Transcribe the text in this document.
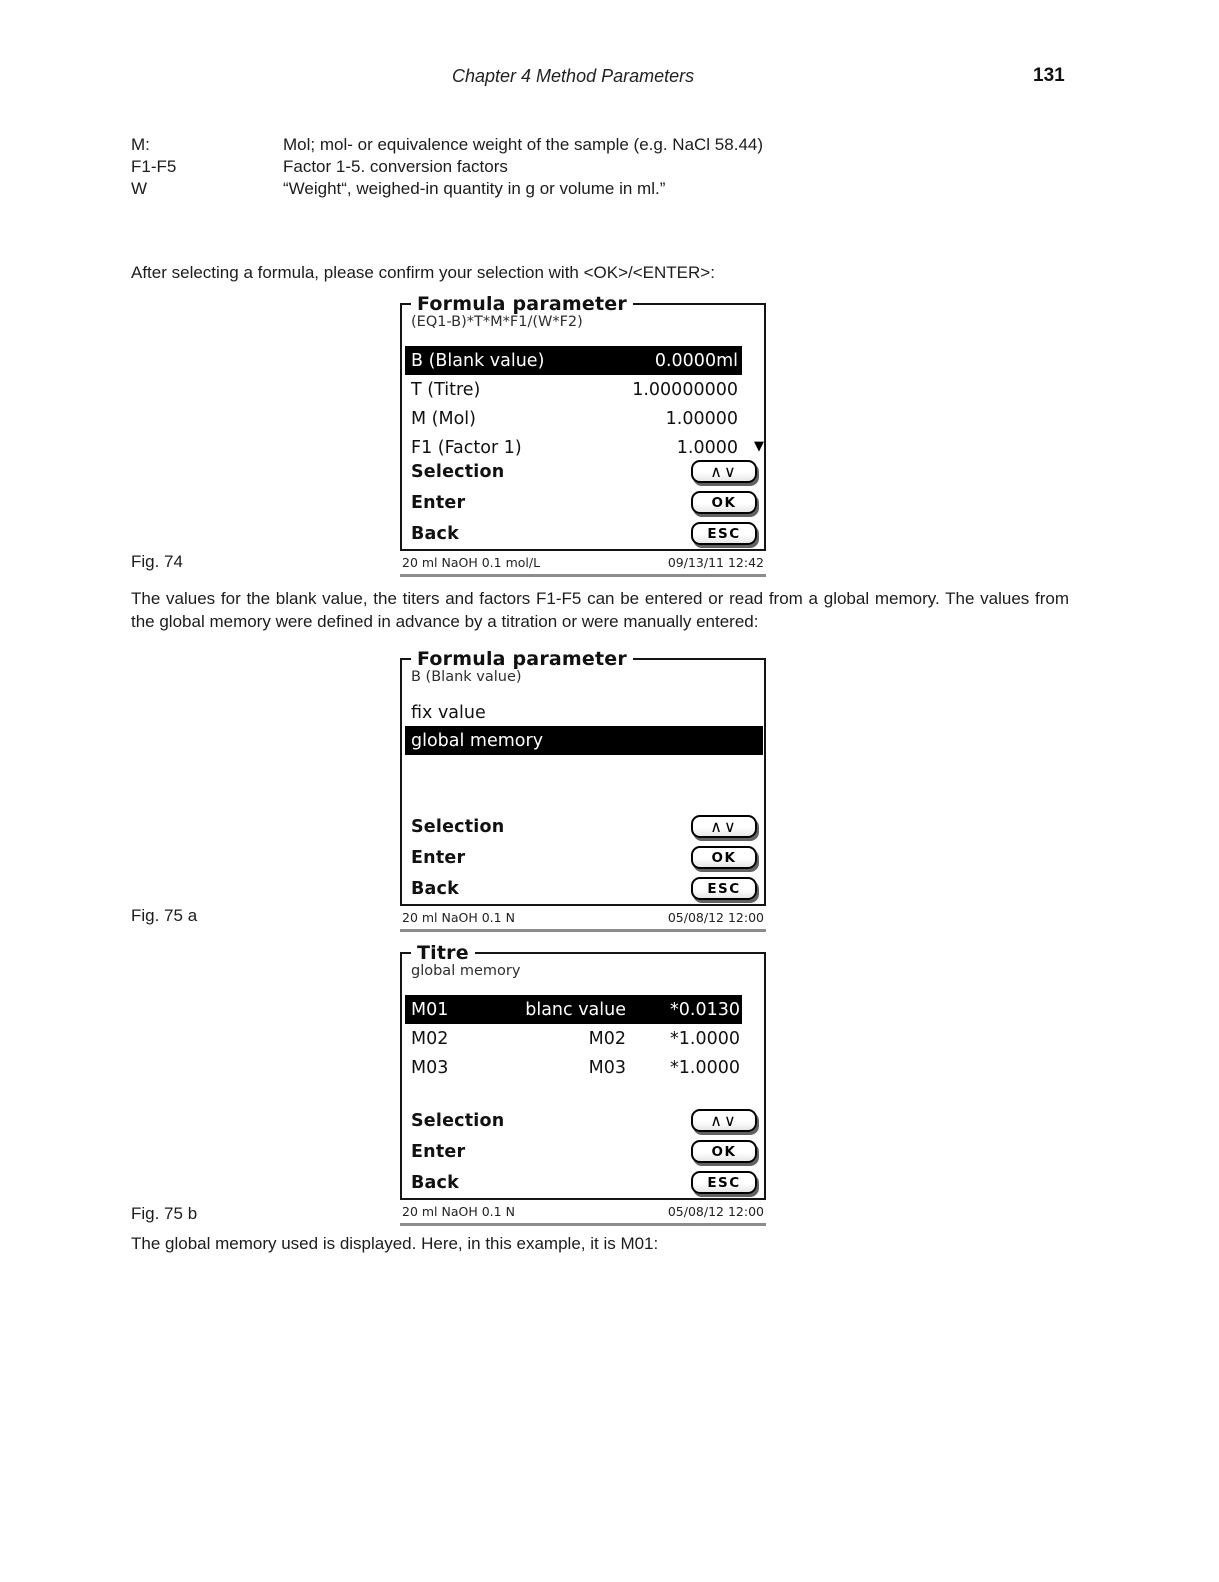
Chapter 4 Method Parameters	131
M:	Mol; mol- or equivalence weight of the sample (e.g. NaCl 58.44)
F1-F5	Factor 1-5. conversion factors
W	“Weight“, weighed-in quantity in g or volume in ml.”
After selecting a formula, please confirm your selection with <OK>/<ENTER>:
Formula parameter
(EQ1-B)*T*M*F1/(W*F2)
B (Blank value)	0.0000ml
T (Titre)	1.00000000
M (Mol)	1.00000
F1 (Factor 1)	1.0000 ▼
Selection	∧∨
Enter	OK
Back	ESC
20 ml NaOH 0.1 mol/L	09/13/11 12:42
Fig. 74
The values for the blank value, the titers and factors F1-F5 can be entered or read from a global memory. The values from the global memory were defined in advance by a titration or were manually entered:
Formula parameter
B (Blank value)
fix value
global memory
Selection	∧∨
Enter	OK
Back	ESC
20 ml NaOH 0.1 N	05/08/12 12:00
Fig. 75 a
Titre
global memory
M01	blanc value	*0.0130
M02	M02	*1.0000
M03	M03	*1.0000
Selection	∧∨
Enter	OK
Back	ESC
20 ml NaOH 0.1 N	05/08/12 12:00
Fig. 75 b
The global memory used is displayed. Here, in this example, it is M01:
